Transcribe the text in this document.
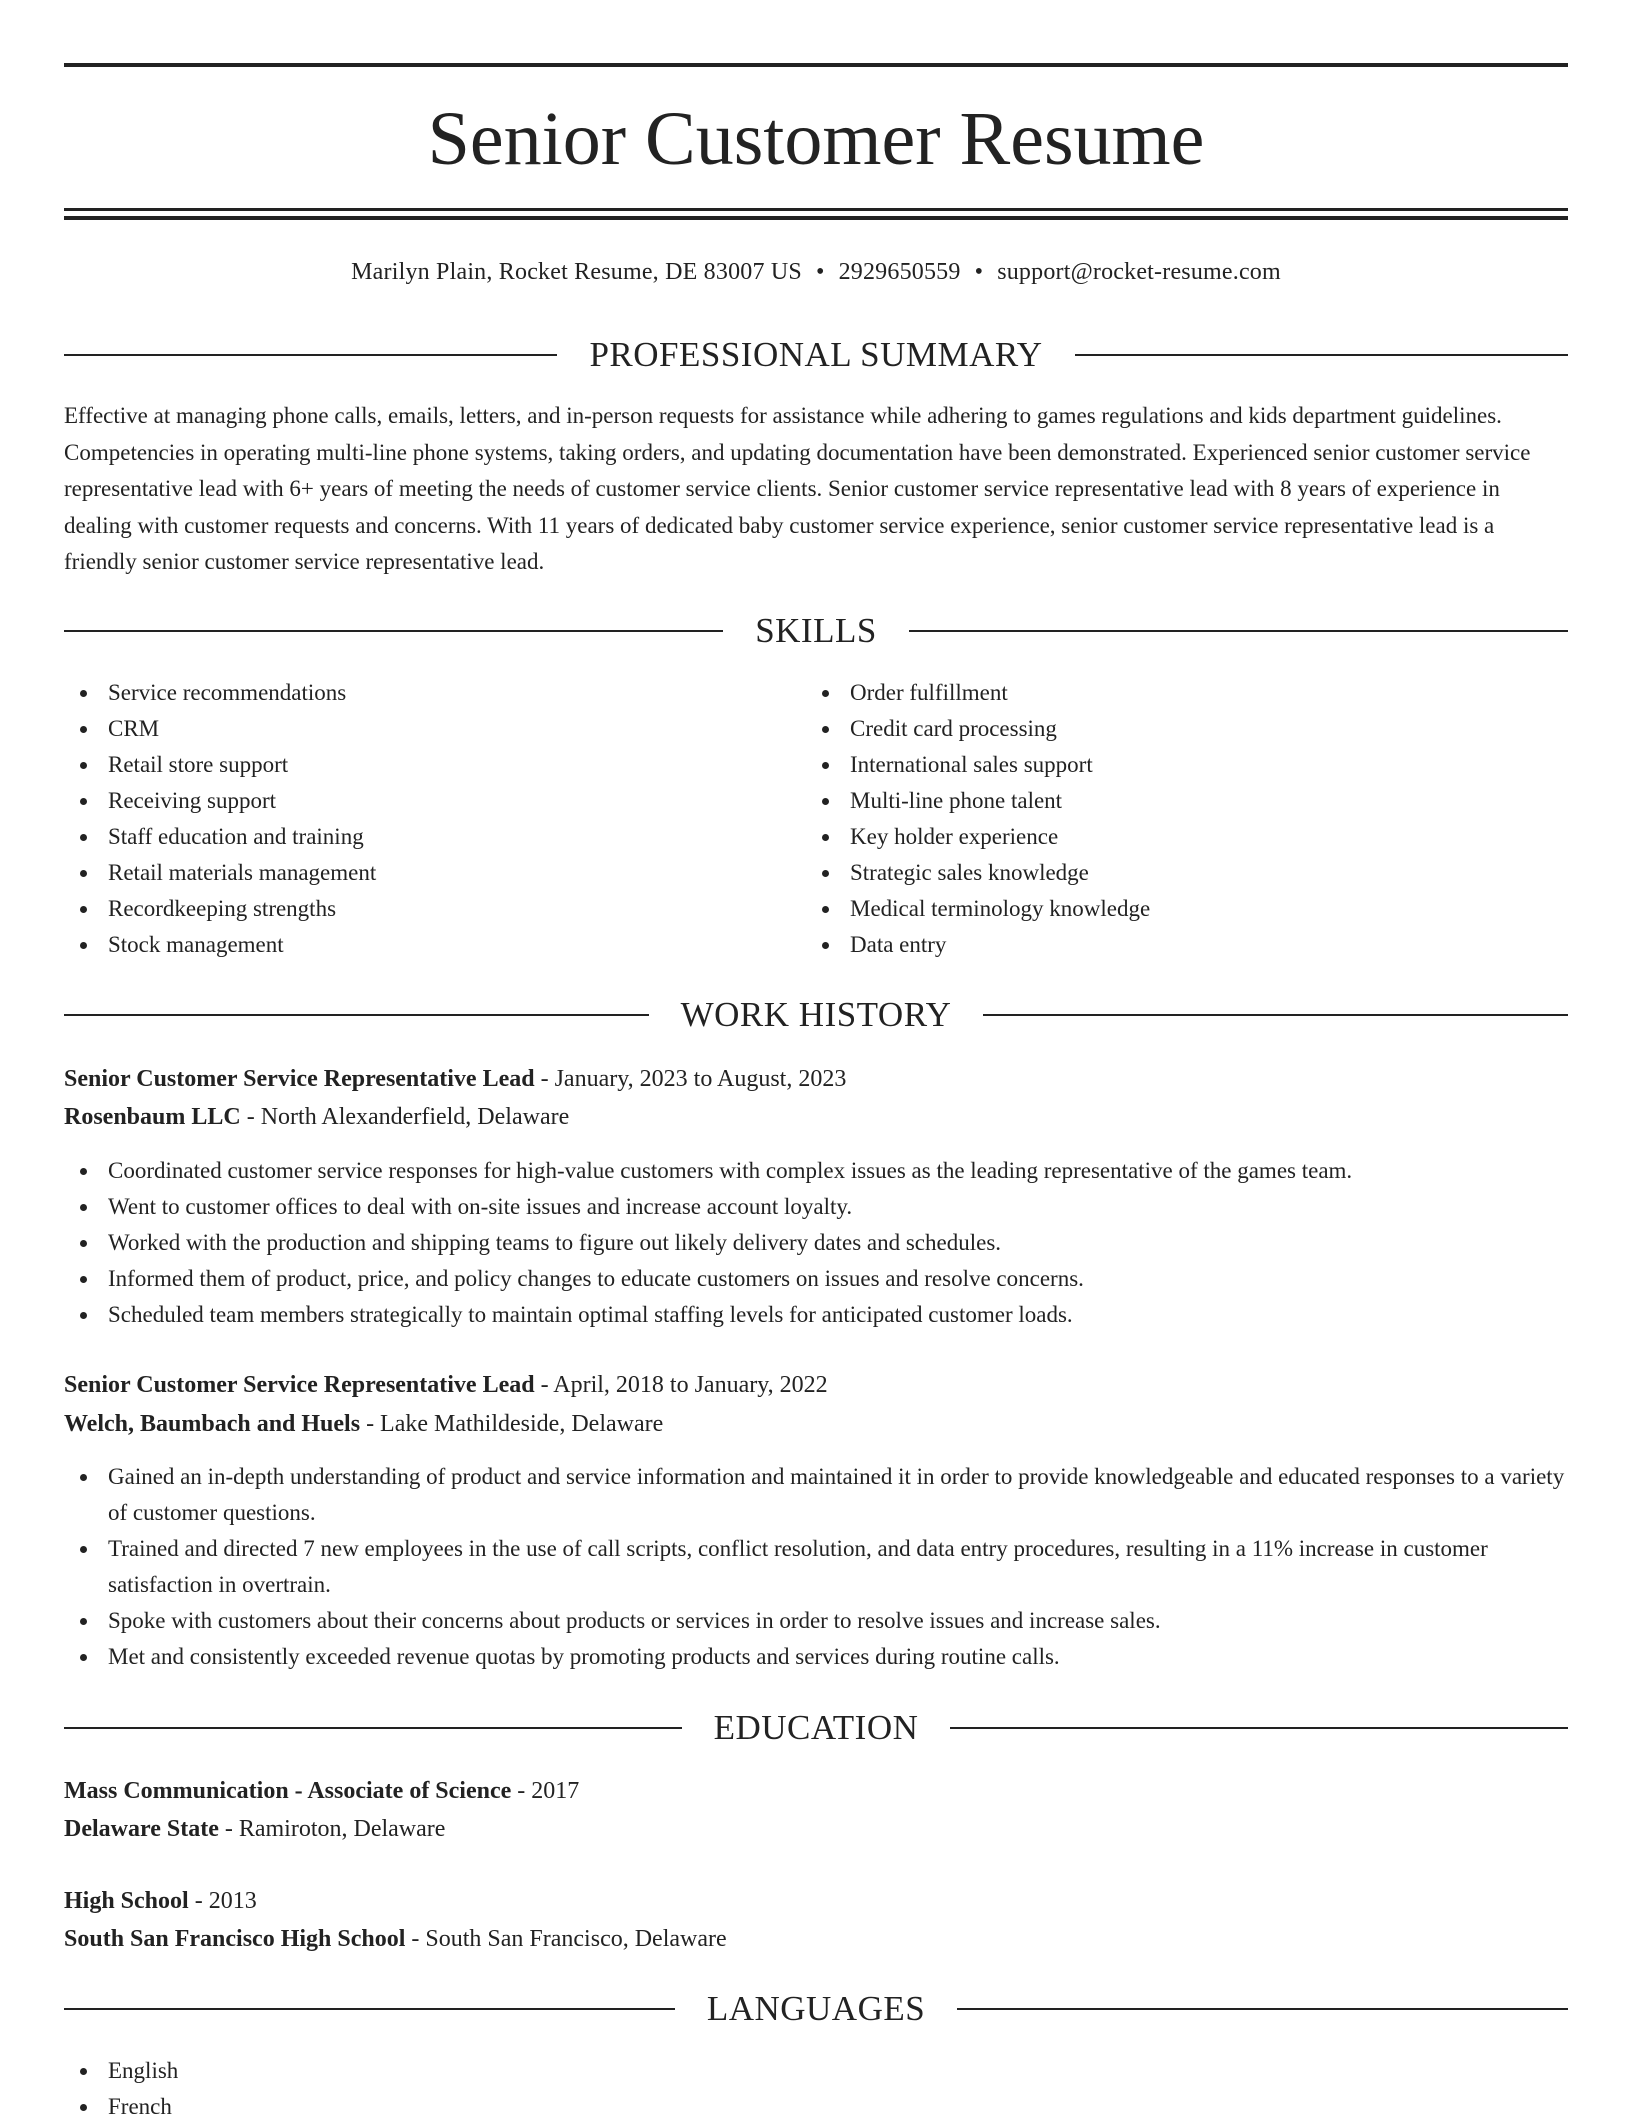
Senior Customer Resume
Marilyn Plain, Rocket Resume, DE 83007 US • 2929650559 • support@rocket-resume.com
PROFESSIONAL SUMMARY

Effective at managing phone calls, emails, letters, and in-person requests for assistance while adhering to games regulations and kids department guidelines. Competencies in operating multi-line phone systems, taking orders, and updating documentation have been demonstrated. Experienced senior customer service representative lead with 6+ years of meeting the needs of customer service clients. Senior customer service representative lead with 8 years of experience in dealing with customer requests and concerns. With 11 years of dedicated baby customer service experience, senior customer service representative lead is a friendly senior customer service representative lead.

SKILLS
Service recommendations
CRM
Retail store support
Receiving support
Staff education and training
Retail materials management
Recordkeeping strengths
Stock management
Order fulfillment
Credit card processing
International sales support
Multi-line phone talent
Key holder experience
Strategic sales knowledge
Medical terminology knowledge
Data entry
WORK HISTORY
Senior Customer Service Representative Lead - January, 2023 to August, 2023
Rosenbaum LLC - North Alexanderfield, Delaware
Coordinated customer service responses for high-value customers with complex issues as the leading representative of the games team.
Went to customer offices to deal with on-site issues and increase account loyalty.
Worked with the production and shipping teams to figure out likely delivery dates and schedules.
Informed them of product, price, and policy changes to educate customers on issues and resolve concerns.
Scheduled team members strategically to maintain optimal staffing levels for anticipated customer loads.
Senior Customer Service Representative Lead - April, 2018 to January, 2022
Welch, Baumbach and Huels - Lake Mathildeside, Delaware
Gained an in-depth understanding of product and service information and maintained it in order to provide knowledgeable and educated responses to a variety of customer questions.
Trained and directed 7 new employees in the use of call scripts, conflict resolution, and data entry procedures, resulting in a 11% increase in customer satisfaction in overtrain.
Spoke with customers about their concerns about products or services in order to resolve issues and increase sales.
Met and consistently exceeded revenue quotas by promoting products and services during routine calls.
EDUCATION
Mass Communication - Associate of Science - 2017
Delaware State - Ramiroton, Delaware
High School - 2013
South San Francisco High School - South San Francisco, Delaware
LANGUAGES
English
French
